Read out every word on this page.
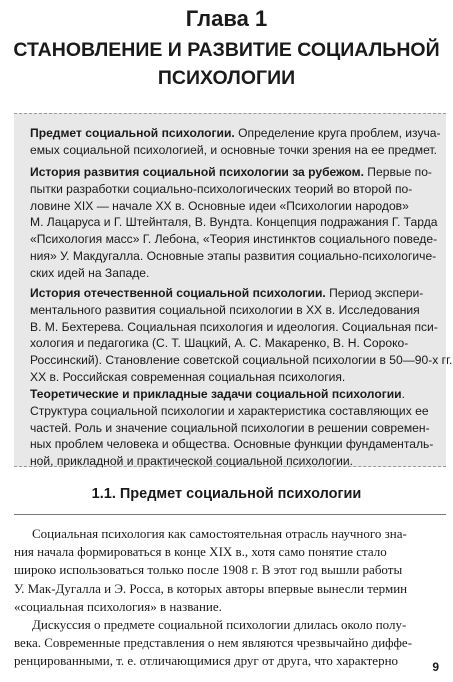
Глава 1
СТАНОВЛЕНИЕ И РАЗВИТИЕ СОЦИАЛЬНОЙ
ПСИХОЛОГИИ

Предмет социальной психологии. Определение круга проблем, изуча-
емых социальной психологией, и основные точки зрения на ее предмет.

История развития социальной психологии за рубежом. Первые по-
пытки разработки социально-психологических теорий во второй по-
ловине XIX — начале XX в. Основные идеи «Психологии народов»
М. Лацаруса и Г. Штейнталя, В. Вундта. Концепция подражания Г. Тарда
«Психология масс» Г. Лебона, «Теория инстинктов социального поведе-
ния» У. Макдугалла. Основные этапы развития социально-психологиче-
ских идей на Западе.

История отечественной социальной психологии. Период экспери-
ментального развития социальной психологии в XX в. Исследования
В. М. Бехтерева. Социальная психология и идеология. Социальная пси-
хология и педагогика (С. Т. Шацкий, А. С. Макаренко, В. Н. Сороко-
Россинский). Становление советской социальной психологии в 50—90-х гг.
XX в. Российская современная социальная психология.

Теоретические и прикладные задачи социальной психологии.
Структура социальной психологии и характеристика составляющих ее
частей. Роль и значение социальной психологии в решении современ-
ных проблем человека и общества. Основные функции фундаменталь-
ной, прикладной и практической социальной психологии.

1.1. Предмет социальной психологии
Социальная психология как самостоятельная отрасль научного зна-
ния начала формироваться в конце XIX в., хотя само понятие стало
широко использоваться только после 1908 г. В этот год вышли работы
У. Мак-Дугалла и Э. Росса, в которых авторы впервые вынесли термин
«социальная психология» в название.
Дискуссия о предмете социальной психологии длилась около полу-
века. Современные представления о нем являются чрезвычайно диффе-
ренцированными, т. е. отличающимися друг от друга, что характерно	9
